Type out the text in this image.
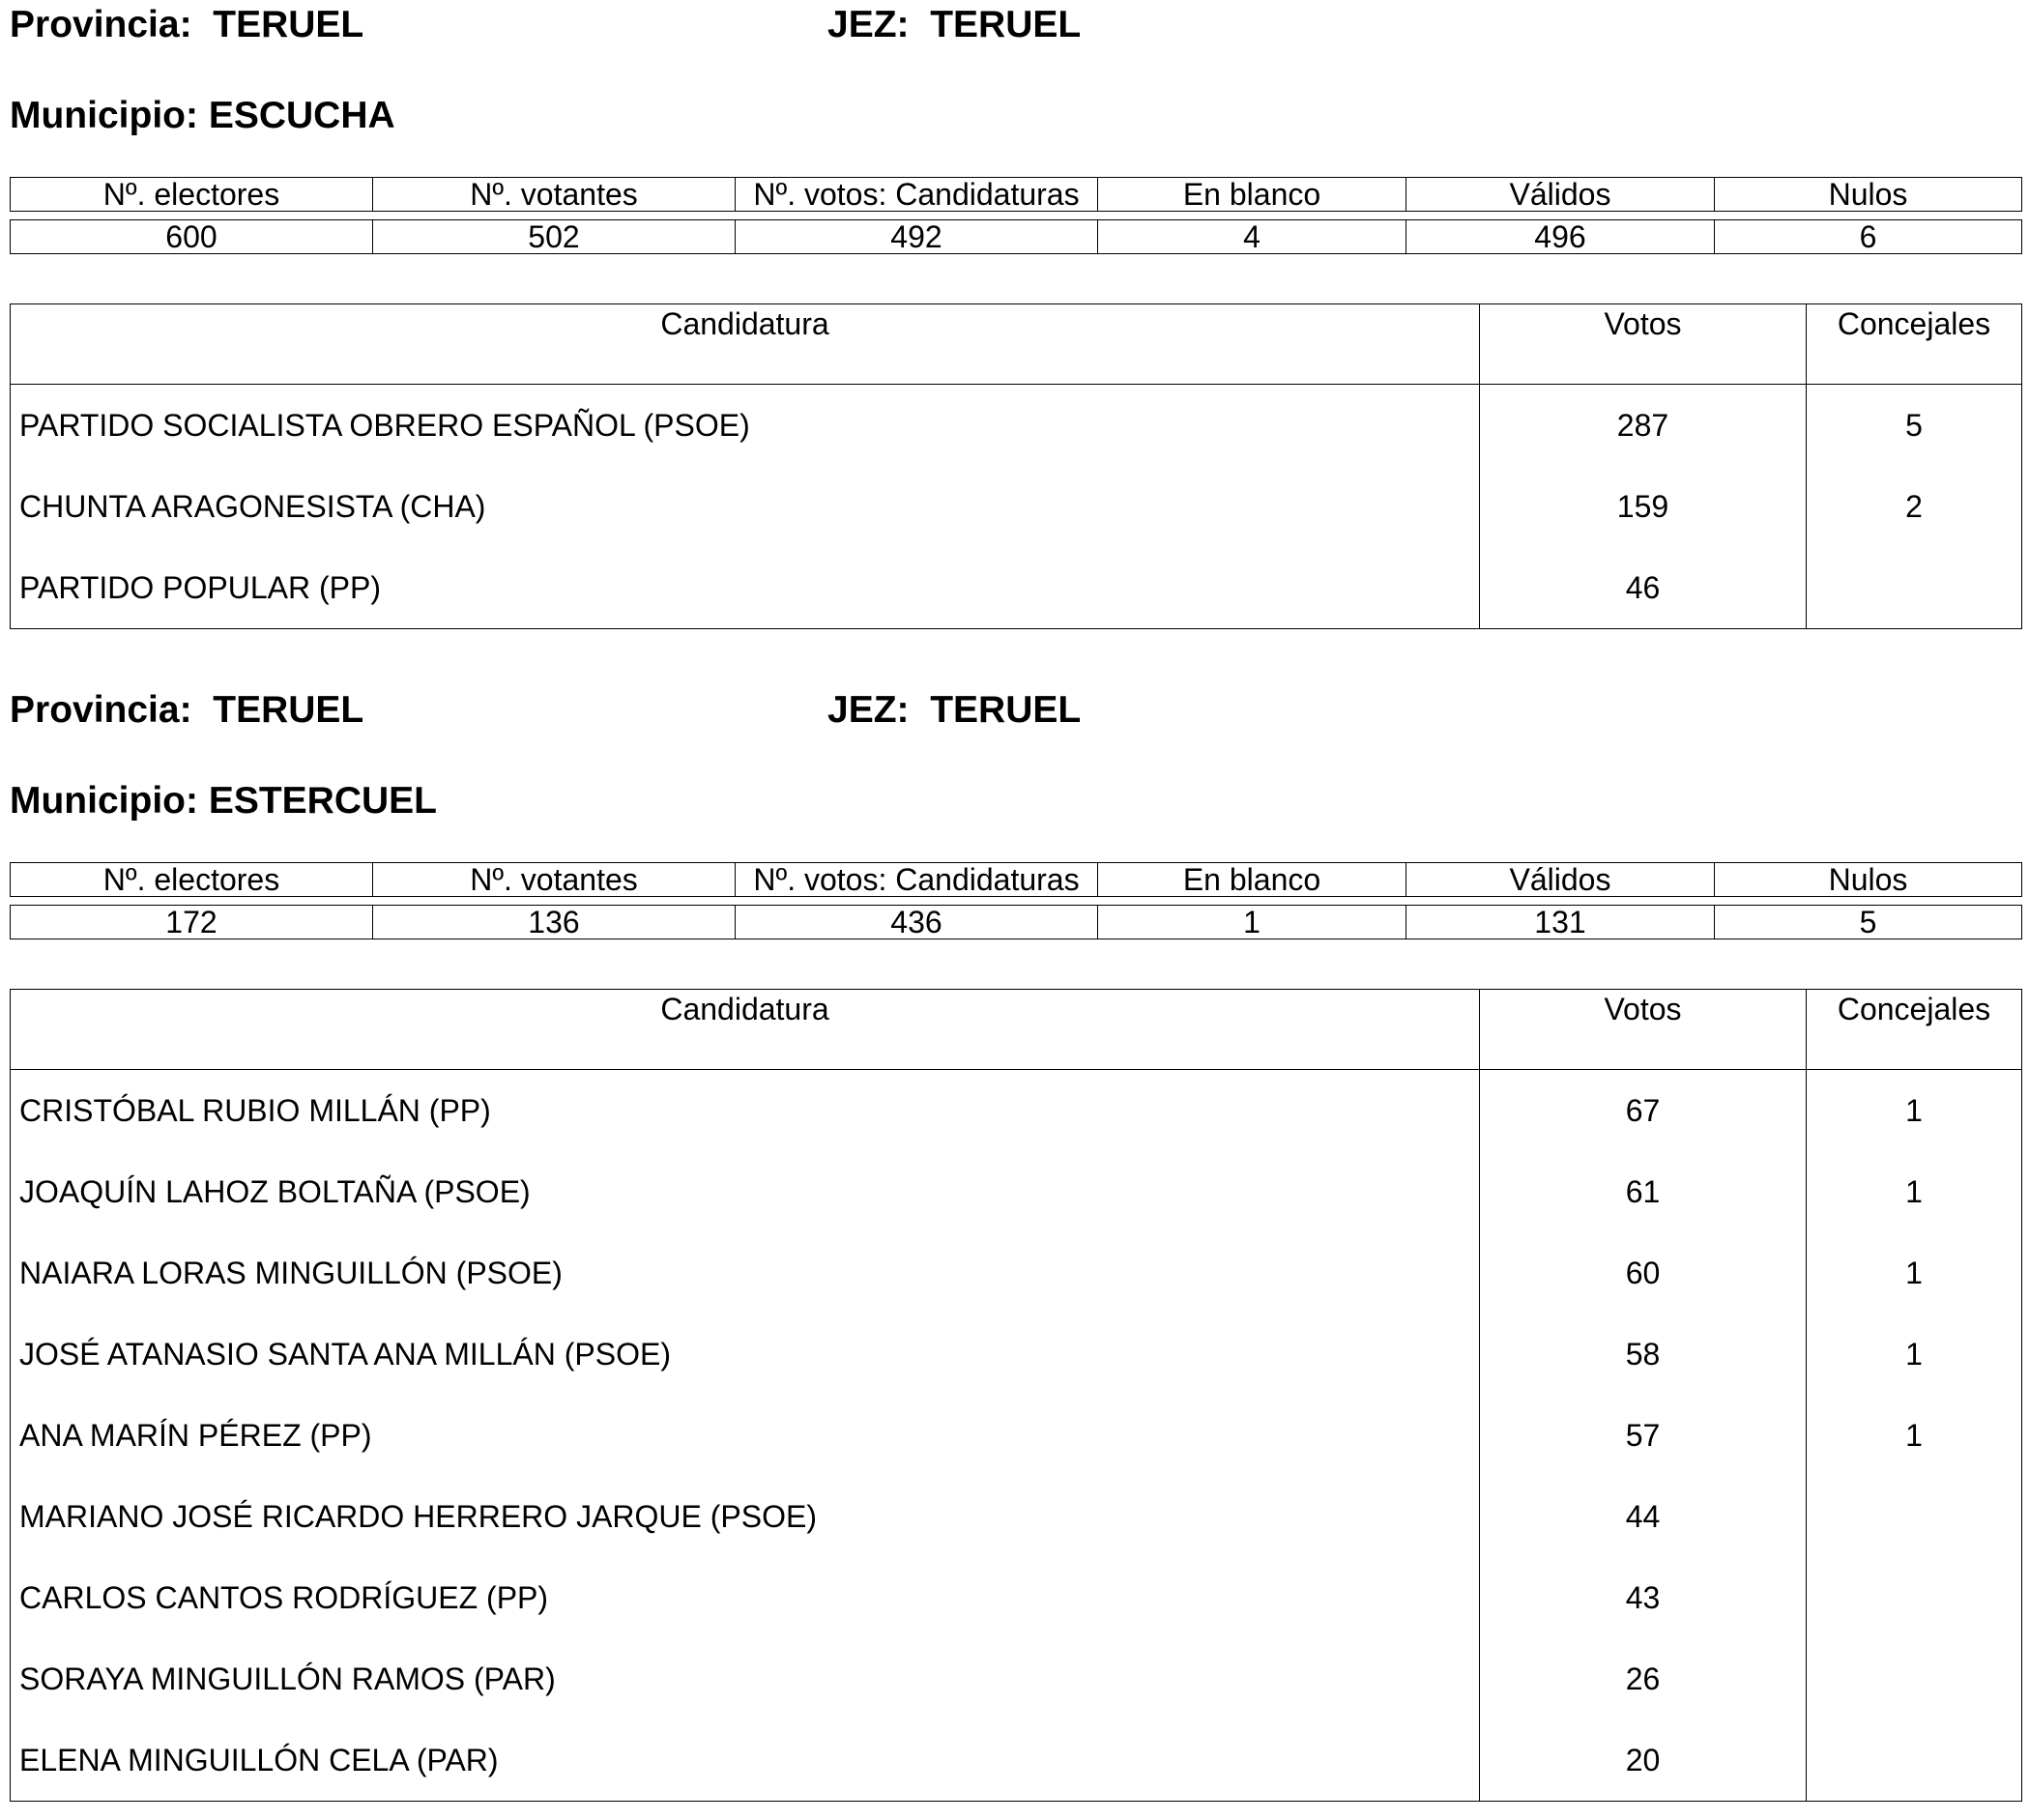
Provincia: TERUEL	JEZ: TERUEL
Municipio: ESCUCHA
Nº. electores	Nº. votantes	Nº. votos: Candidaturas	En blanco	Válidos	Nulos
600	502	492	4	496	6
Candidatura	Votos	Concejales
PARTIDO SOCIALISTA OBRERO ESPAÑOL (PSOE)	287	5
CHUNTA ARAGONESISTA (CHA)	159	2
PARTIDO POPULAR (PP)	46	
Provincia: TERUEL	JEZ: TERUEL
Municipio: ESTERCUEL
Nº. electores	Nº. votantes	Nº. votos: Candidaturas	En blanco	Válidos	Nulos
172	136	436	1	131	5
Candidatura	Votos	Concejales
CRISTÓBAL RUBIO MILLÁN (PP)	67	1
JOAQUÍN LAHOZ BOLTAÑA (PSOE)	61	1
NAIARA LORAS MINGUILLÓN (PSOE)	60	1
JOSÉ ATANASIO SANTA ANA MILLÁN (PSOE)	58	1
ANA MARÍN PÉREZ (PP)	57	1
MARIANO JOSÉ RICARDO HERRERO JARQUE (PSOE)	44	
CARLOS CANTOS RODRÍGUEZ (PP)	43	
SORAYA MINGUILLÓN RAMOS (PAR)	26	
ELENA MINGUILLÓN CELA (PAR)	20	
